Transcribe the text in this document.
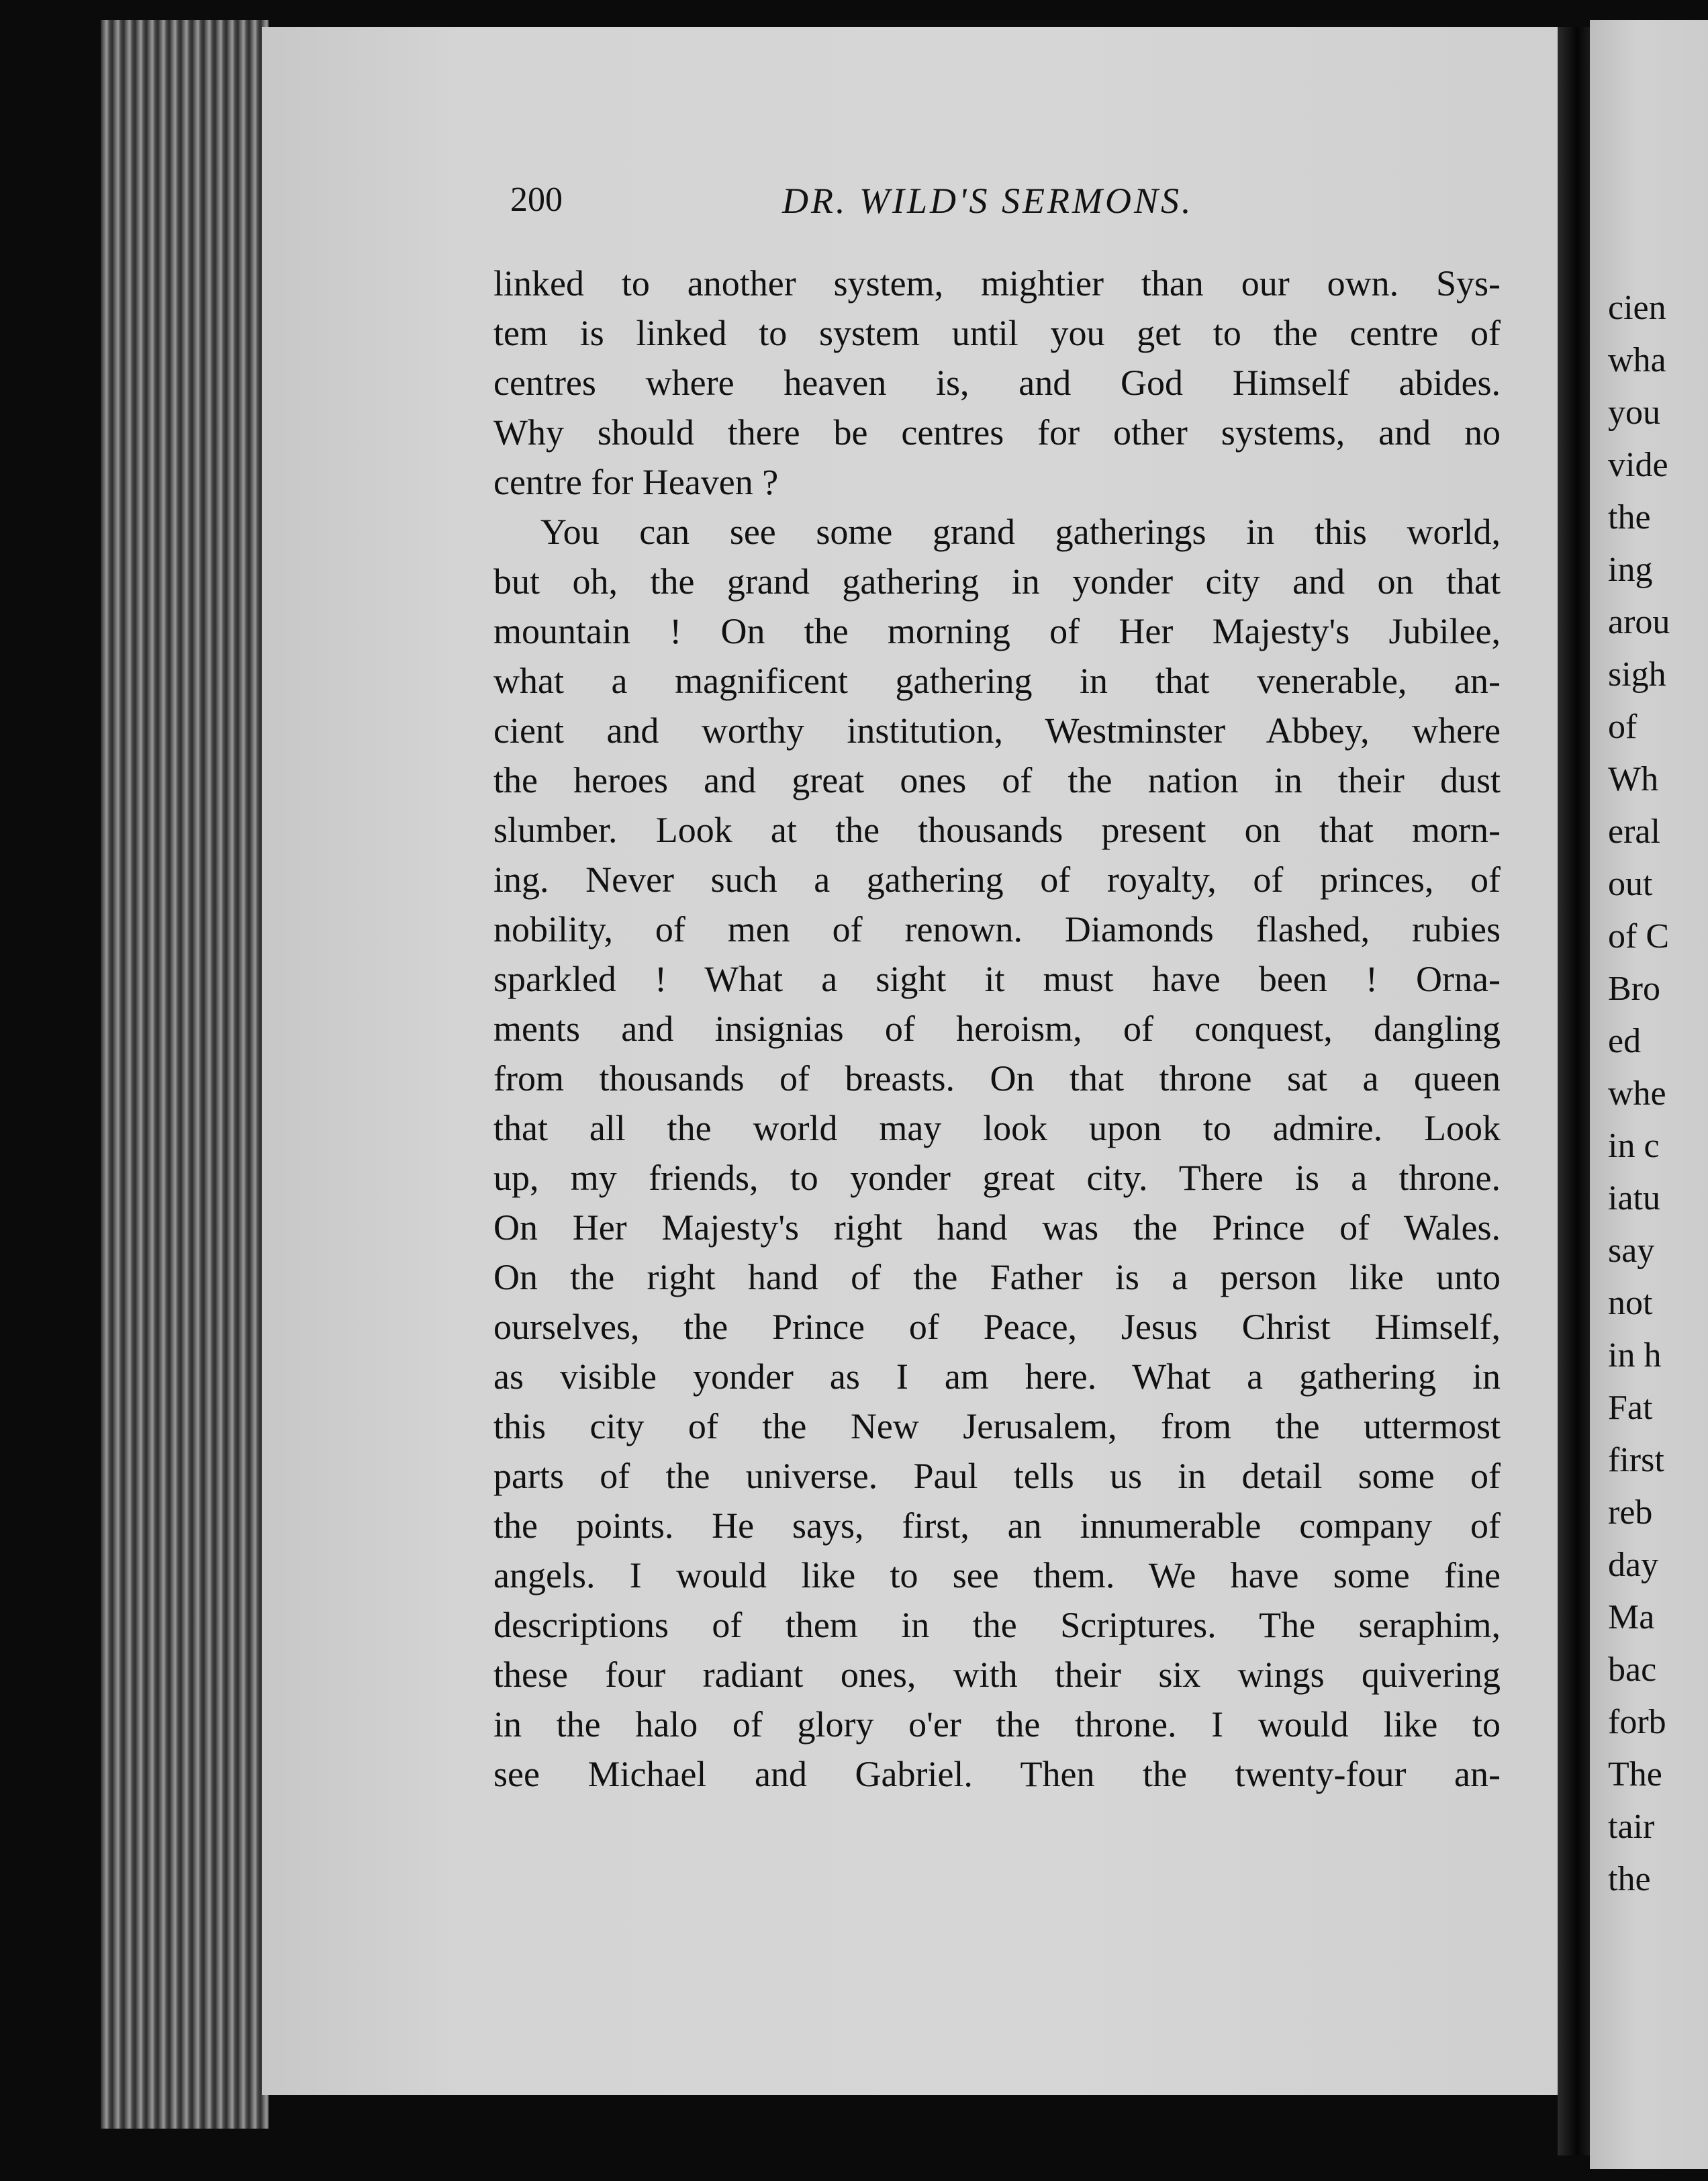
200	DR. WILD'S SERMONS.
linked to another system, mightier than our own. Sys-
tem is linked to system until you get to the centre of
centres where heaven is, and God Himself abides.
Why should there be centres for other systems, and no
centre for Heaven ?
You can see some grand gatherings in this world,
but oh, the grand gathering in yonder city and on that
mountain ! On the morning of Her Majesty's Jubilee,
what a magnificent gathering in that venerable, an-
cient and worthy institution, Westminster Abbey, where
the heroes and great ones of the nation in their dust
slumber. Look at the thousands present on that morn-
ing. Never such a gathering of royalty, of princes, of
nobility, of men of renown. Diamonds flashed, rubies
sparkled ! What a sight it must have been ! Orna-
ments and insignias of heroism, of conquest, dangling
from thousands of breasts. On that throne sat a queen
that all the world may look upon to admire. Look
up, my friends, to yonder great city. There is a throne.
On Her Majesty's right hand was the Prince of Wales.
On the right hand of the Father is a person like unto
ourselves, the Prince of Peace, Jesus Christ Himself,
as visible yonder as I am here. What a gathering in
this city of the New Jerusalem, from the uttermost
parts of the universe. Paul tells us in detail some of
the points. He says, first, an innumerable company of
angels. I would like to see them. We have some fine
descriptions of them in the Scriptures. The seraphim,
these four radiant ones, with their six wings quivering
in the halo of glory o'er the throne. I would like to
see Michael and Gabriel. Then the twenty-four an-
cien
wha
you
vide
the
ing
arou
sigh
of
Wh
eral
out
of C
Bro
ed
whe
in c
iatu
say
not
in h
Fat
first
reb
day
Ma
bac
forb
The
tair
the
